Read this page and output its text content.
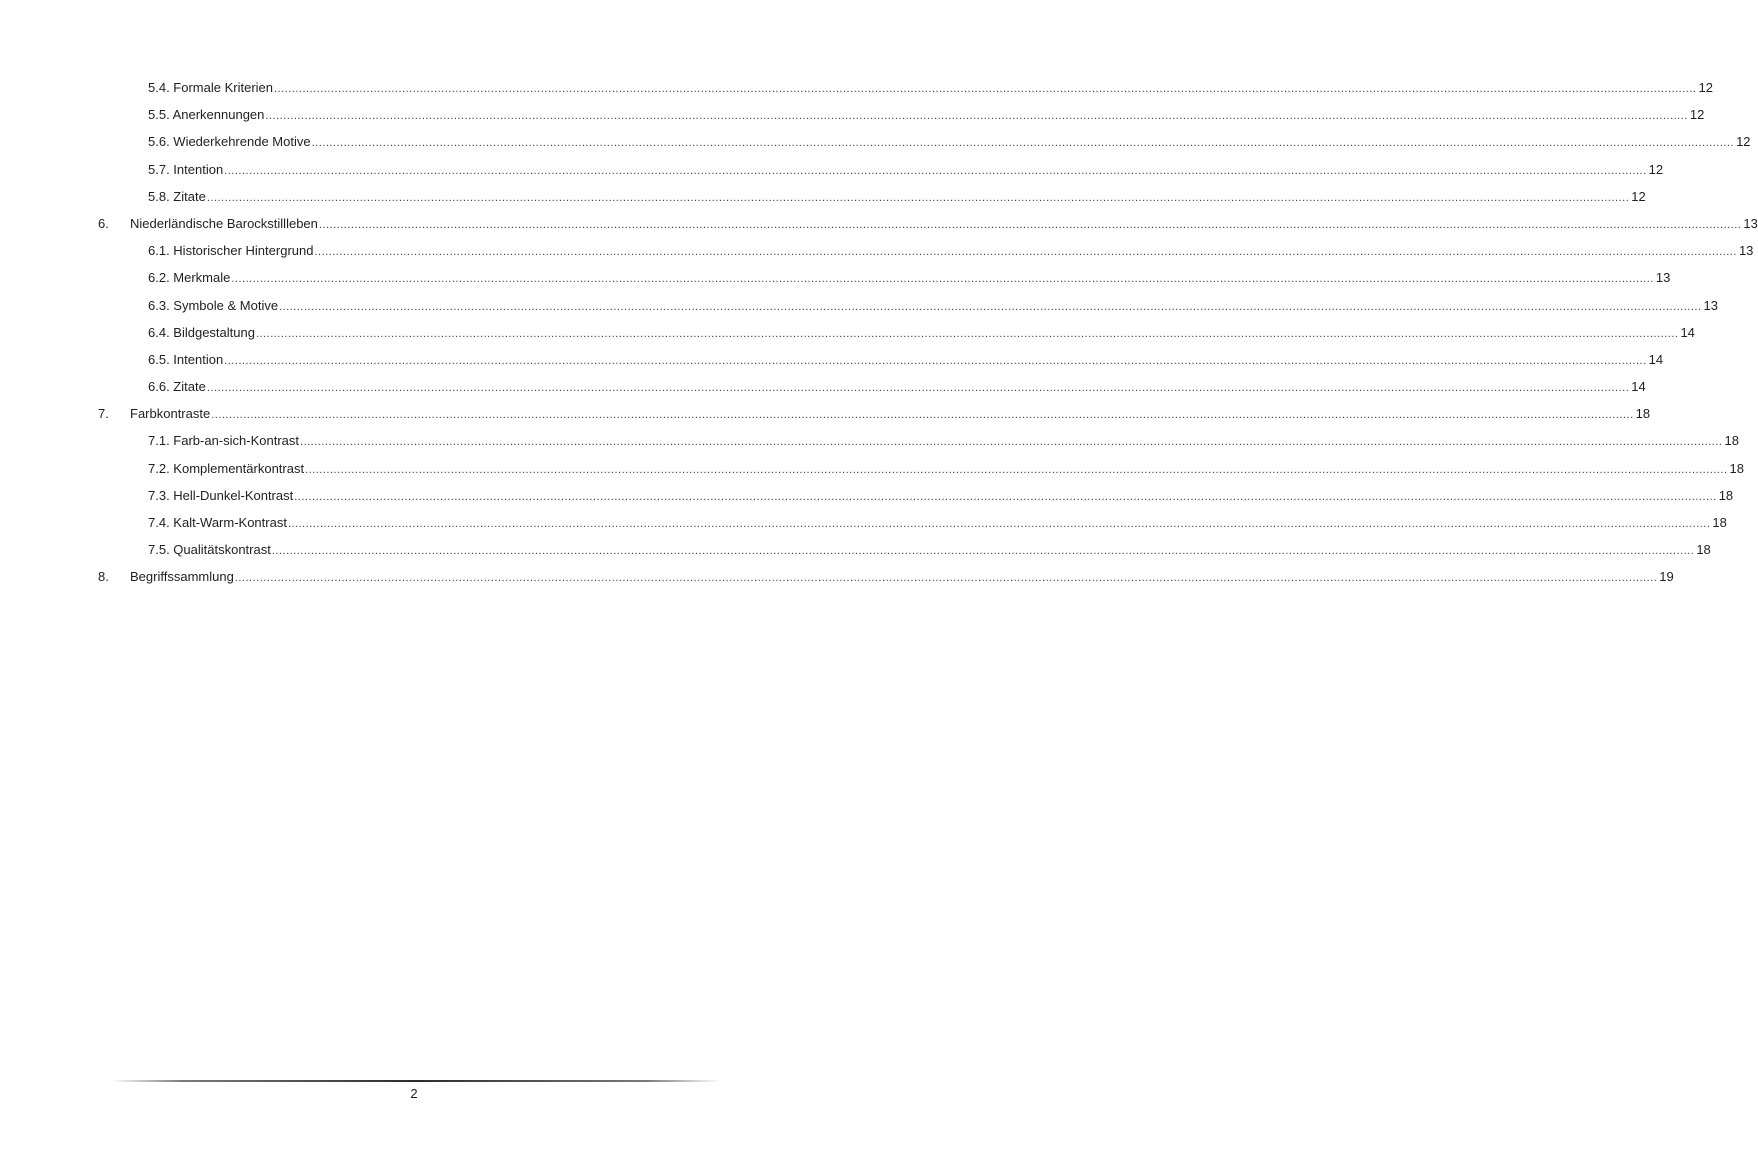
5.4. Formale Kriterien ................................................................................................................................................................................................................................................................................................................................................................................................................ 12
5.5. Anerkennungen ................................................................................................................................................................................................................................................................................................................................................................................................................ 12
5.6. Wiederkehrende Motive ................................................................................................................................................................................................................................................................................................................................................................................................................ 12
5.7. Intention ................................................................................................................................................................................................................................................................................................................................................................................................................ 12
5.8. Zitate ................................................................................................................................................................................................................................................................................................................................................................................................................ 12
6. Niederländische Barockstillleben ................................................................................................................................................................................................................................................................................................................................................................................................................ 13
6.1. Historischer Hintergrund ................................................................................................................................................................................................................................................................................................................................................................................................................ 13
6.2. Merkmale ................................................................................................................................................................................................................................................................................................................................................................................................................ 13
6.3. Symbole & Motive ................................................................................................................................................................................................................................................................................................................................................................................................................ 13
6.4. Bildgestaltung ................................................................................................................................................................................................................................................................................................................................................................................................................ 14
6.5. Intention ................................................................................................................................................................................................................................................................................................................................................................................................................ 14
6.6. Zitate ................................................................................................................................................................................................................................................................................................................................................................................................................ 14
7. Farbkontraste ................................................................................................................................................................................................................................................................................................................................................................................................................ 18
7.1. Farb-an-sich-Kontrast ................................................................................................................................................................................................................................................................................................................................................................................................................ 18
7.2. Komplementärkontrast ................................................................................................................................................................................................................................................................................................................................................................................................................ 18
7.3. Hell-Dunkel-Kontrast ................................................................................................................................................................................................................................................................................................................................................................................................................ 18
7.4. Kalt-Warm-Kontrast ................................................................................................................................................................................................................................................................................................................................................................................................................ 18
7.5. Qualitätskontrast ................................................................................................................................................................................................................................................................................................................................................................................................................ 18
8. Begriffssammlung ................................................................................................................................................................................................................................................................................................................................................................................................................ 19
2
